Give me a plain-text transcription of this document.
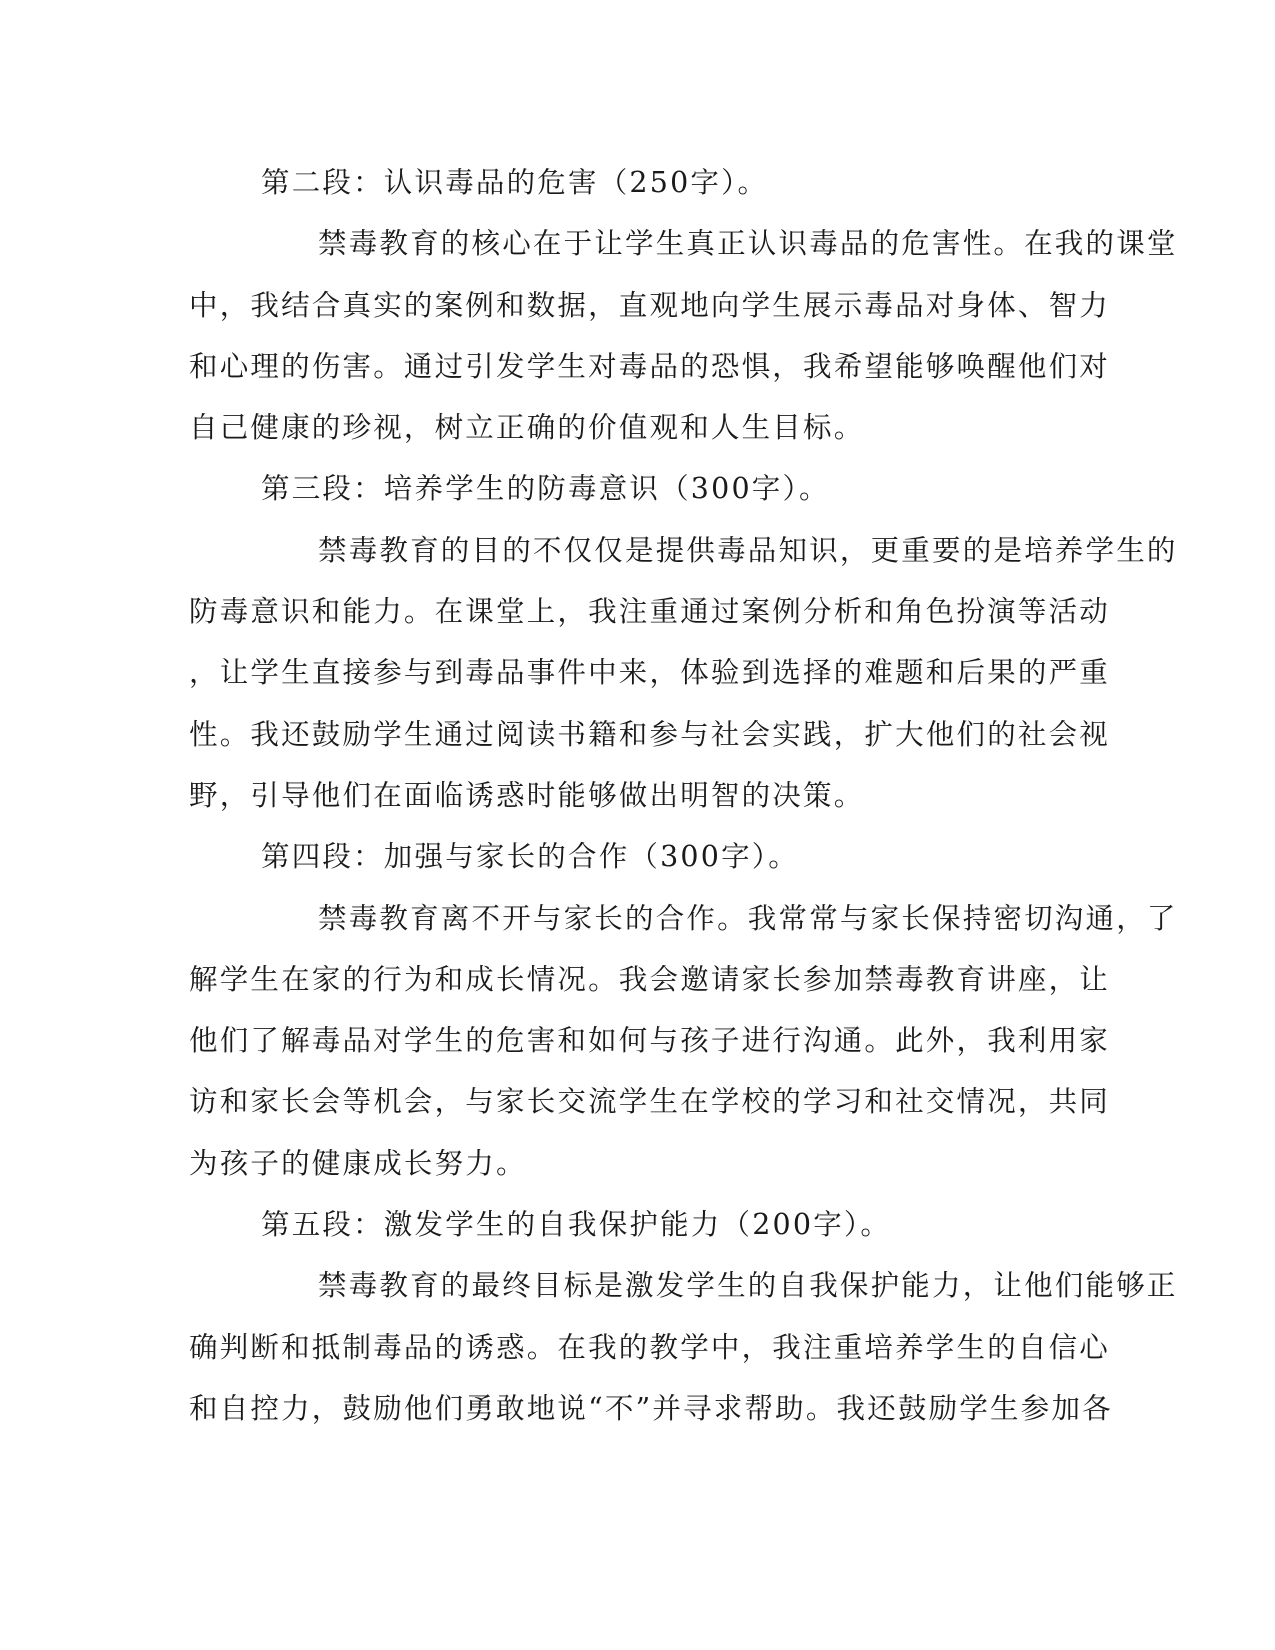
第二段：认识毒品的危害（250字）。
禁毒教育的核心在于让学生真正认识毒品的危害性。在我的课堂
中，我结合真实的案例和数据，直观地向学生展示毒品对身体、智力
和心理的伤害。通过引发学生对毒品的恐惧，我希望能够唤醒他们对
自己健康的珍视，树立正确的价值观和人生目标。
第三段：培养学生的防毒意识（300字）。
禁毒教育的目的不仅仅是提供毒品知识，更重要的是培养学生的
防毒意识和能力。在课堂上，我注重通过案例分析和角色扮演等活动
，让学生直接参与到毒品事件中来，体验到选择的难题和后果的严重
性。我还鼓励学生通过阅读书籍和参与社会实践，扩大他们的社会视
野，引导他们在面临诱惑时能够做出明智的决策。
第四段：加强与家长的合作（300字）。
禁毒教育离不开与家长的合作。我常常与家长保持密切沟通，了
解学生在家的行为和成长情况。我会邀请家长参加禁毒教育讲座，让
他们了解毒品对学生的危害和如何与孩子进行沟通。此外，我利用家
访和家长会等机会，与家长交流学生在学校的学习和社交情况，共同
为孩子的健康成长努力。
第五段：激发学生的自我保护能力（200字）。
禁毒教育的最终目标是激发学生的自我保护能力，让他们能够正
确判断和抵制毒品的诱惑。在我的教学中，我注重培养学生的自信心
和自控力，鼓励他们勇敢地说“不”并寻求帮助。我还鼓励学生参加各
